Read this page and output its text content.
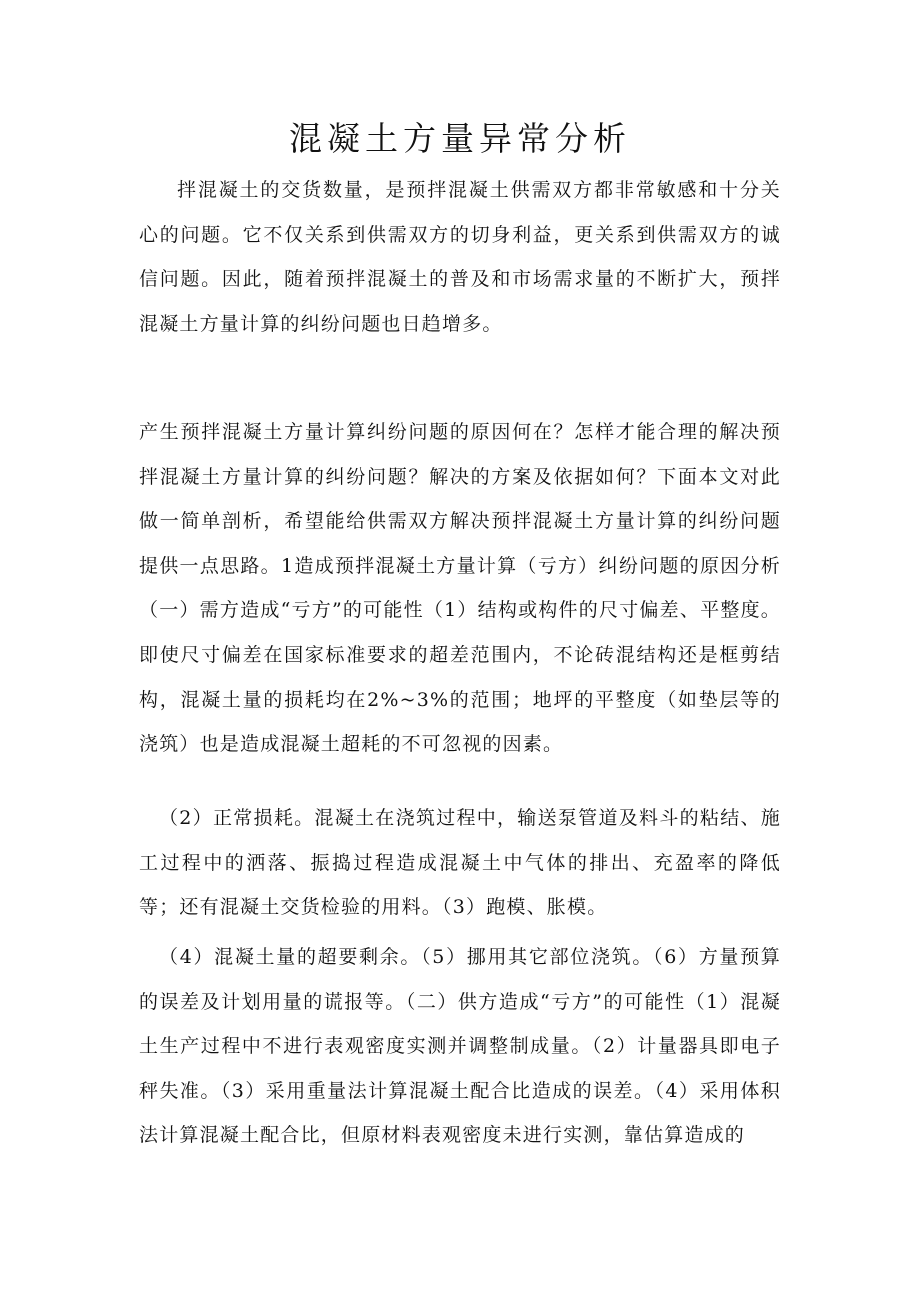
混凝土方量异常分析

拌混凝土的交货数量，是预拌混凝土供需双方都非常敏感和十分关心的问题。它不仅关系到供需双方的切身利益，更关系到供需双方的诚信问题。因此，随着预拌混凝土的普及和市场需求量的不断扩大，预拌混凝土方量计算的纠纷问题也日趋增多。

产生预拌混凝土方量计算纠纷问题的原因何在？怎样才能合理的解决预拌混凝土方量计算的纠纷问题？解决的方案及依据如何？下面本文对此做一简单剖析，希望能给供需双方解决预拌混凝土方量计算的纠纷问题提供一点思路。1造成预拌混凝土方量计算（亏方）纠纷问题的原因分析（一）需方造成“亏方”的可能性（1）结构或构件的尺寸偏差、平整度。即使尺寸偏差在国家标准要求的超差范围内，不论砖混结构还是框剪结构，混凝土量的损耗均在2%~3%的范围；地坪的平整度（如垫层等的浇筑）也是造成混凝土超耗的不可忽视的因素。

（2）正常损耗。混凝土在浇筑过程中，输送泵管道及料斗的粘结、施工过程中的洒落、振捣过程造成混凝土中气体的排出、充盈率的降低等；还有混凝土交货检验的用料。（3）跑模、胀模。

（4）混凝土量的超要剩余。（5）挪用其它部位浇筑。（6）方量预算的误差及计划用量的谎报等。（二）供方造成“亏方”的可能性（1）混凝土生产过程中不进行表观密度实测并调整制成量。（2）计量器具即电子秤失准。（3）采用重量法计算混凝土配合比造成的误差。（4）采用体积法计算混凝土配合比，但原材料表观密度未进行实测，靠估算造成的
